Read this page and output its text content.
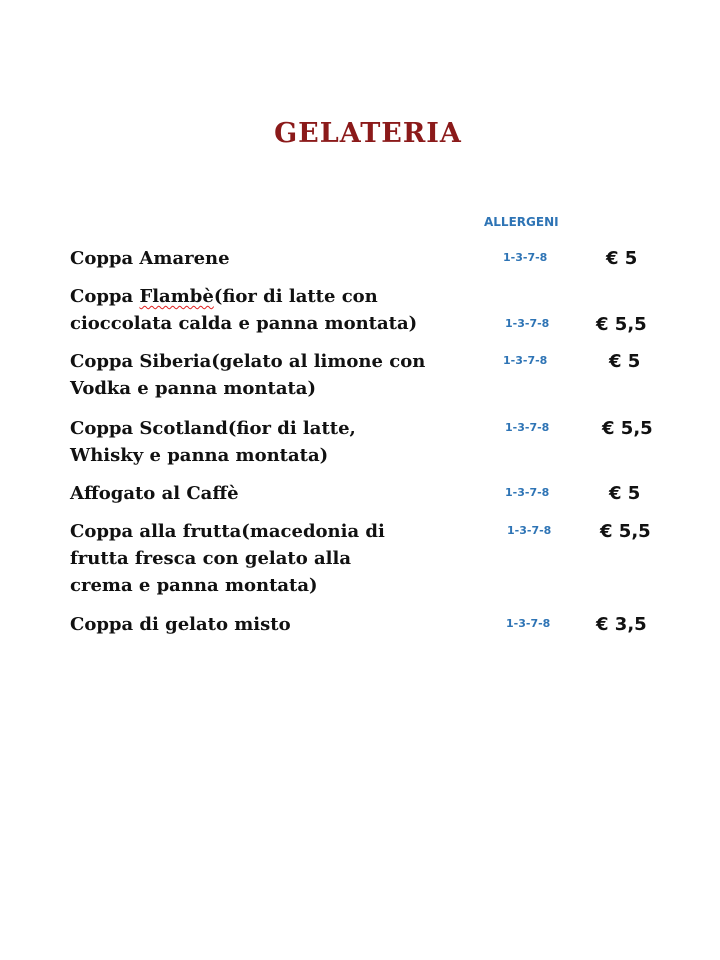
GELATERIA
ALLERGENI
Coppa Amarene	1-3-7-8	€ 5
Coppa Flambè(fior di latte con
cioccolata calda e panna montata)	1-3-7-8	€ 5,5
Coppa Siberia(gelato al limone con
Vodka e panna montata)
1-3-7-8	€ 5
Coppa Scotland(fior di latte,
Whisky e panna montata)
1-3-7-8	€ 5,5
Affogato al Caffè	1-3-7-8	€ 5
Coppa alla frutta(macedonia di
frutta fresca con gelato alla
crema e panna montata)
1-3-7-8	€ 5,5
Coppa di gelato misto	1-3-7-8	€ 3,5
